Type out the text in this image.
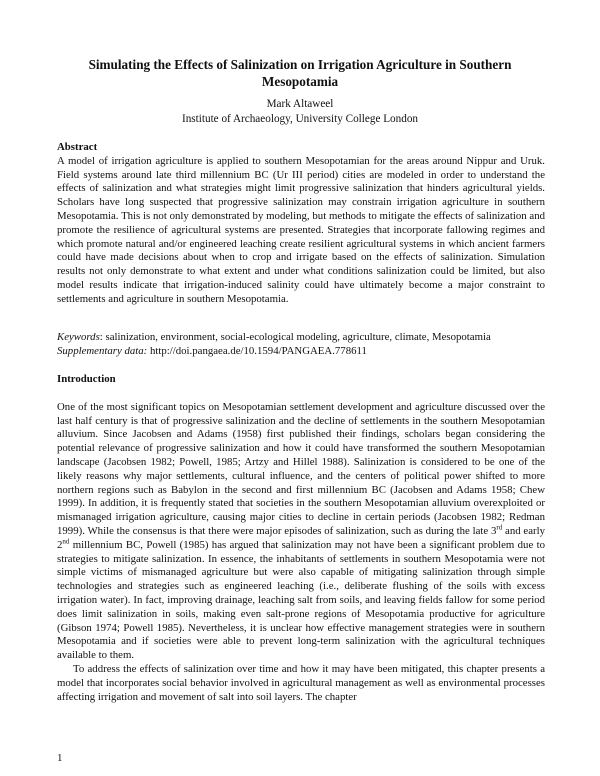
Simulating the Effects of Salinization on Irrigation Agriculture in Southern Mesopotamia
Mark Altaweel
Institute of Archaeology, University College London
Abstract

A model of irrigation agriculture is applied to southern Mesopotamian for the areas around Nippur and Uruk. Field systems around late third millennium BC (Ur III period) cities are modeled in order to understand the effects of salinization and what strategies might limit progressive salinization that hinders agricultural yields. Scholars have long suspected that progressive salinization may constrain irrigation agriculture in southern Mesopotamia. This is not only demonstrated by modeling, but methods to mitigate the effects of salinization and promote the resilience of agricultural systems are presented. Strategies that incorporate fallowing regimes and which promote natural and/or engineered leaching create resilient agricultural systems in which ancient farmers could have made decisions about when to crop and irrigate based on the effects of salinization. Simulation results not only demonstrate to what extent and under what conditions salinization could be limited, but also model results indicate that irrigation-induced salinity could have ultimately become a major constraint to settlements and agriculture in southern Mesopotamia.

Keywords: salinization, environment, social-ecological modeling, agriculture, climate, Mesopotamia
Supplementary data: http://doi.pangaea.de/10.1594/PANGAEA.778611
Introduction

One of the most significant topics on Mesopotamian settlement development and agriculture discussed over the last half century is that of progressive salinization and the decline of settlements in the southern Mesopotamian alluvium. Since Jacobsen and Adams (1958) first published their findings, scholars began considering the potential relevance of progressive salinization and how it could have transformed the southern Mesopotamian landscape (Jacobsen 1982; Powell, 1985; Artzy and Hillel 1988). Salinization is considered to be one of the likely reasons why major settlements, cultural influence, and the centers of political power shifted to more northern regions such as Babylon in the second and first millennium BC (Jacobsen and Adams 1958; Chew 1999). In addition, it is frequently stated that societies in the southern Mesopotamian alluvium overexploited or mismanaged irrigation agriculture, causing major cities to decline in certain periods (Jacobsen 1982; Redman 1999). While the consensus is that there were major episodes of salinization, such as during the late 3rd and early 2nd millennium BC, Powell (1985) has argued that salinization may not have been a significant problem due to strategies to mitigate salinization. In essence, the inhabitants of settlements in southern Mesopotamia were not simple victims of mismanaged agriculture but were also capable of mitigating salinization through simple technologies and strategies such as engineered leaching (i.e., deliberate flushing of the soils with excess irrigation water). In fact, improving drainage, leaching salt from soils, and leaving fields fallow for some period does limit salinization in soils, making even salt-prone regions of Mesopotamia productive for agriculture (Gibson 1974; Powell 1985). Nevertheless, it is unclear how effective management strategies were in southern Mesopotamia and if societies were able to prevent long-term salinization with the agricultural techniques available to them.

To address the effects of salinization over time and how it may have been mitigated, this chapter presents a model that incorporates social behavior involved in agricultural management as well as environmental processes affecting irrigation and movement of salt into soil layers. The chapter

1
